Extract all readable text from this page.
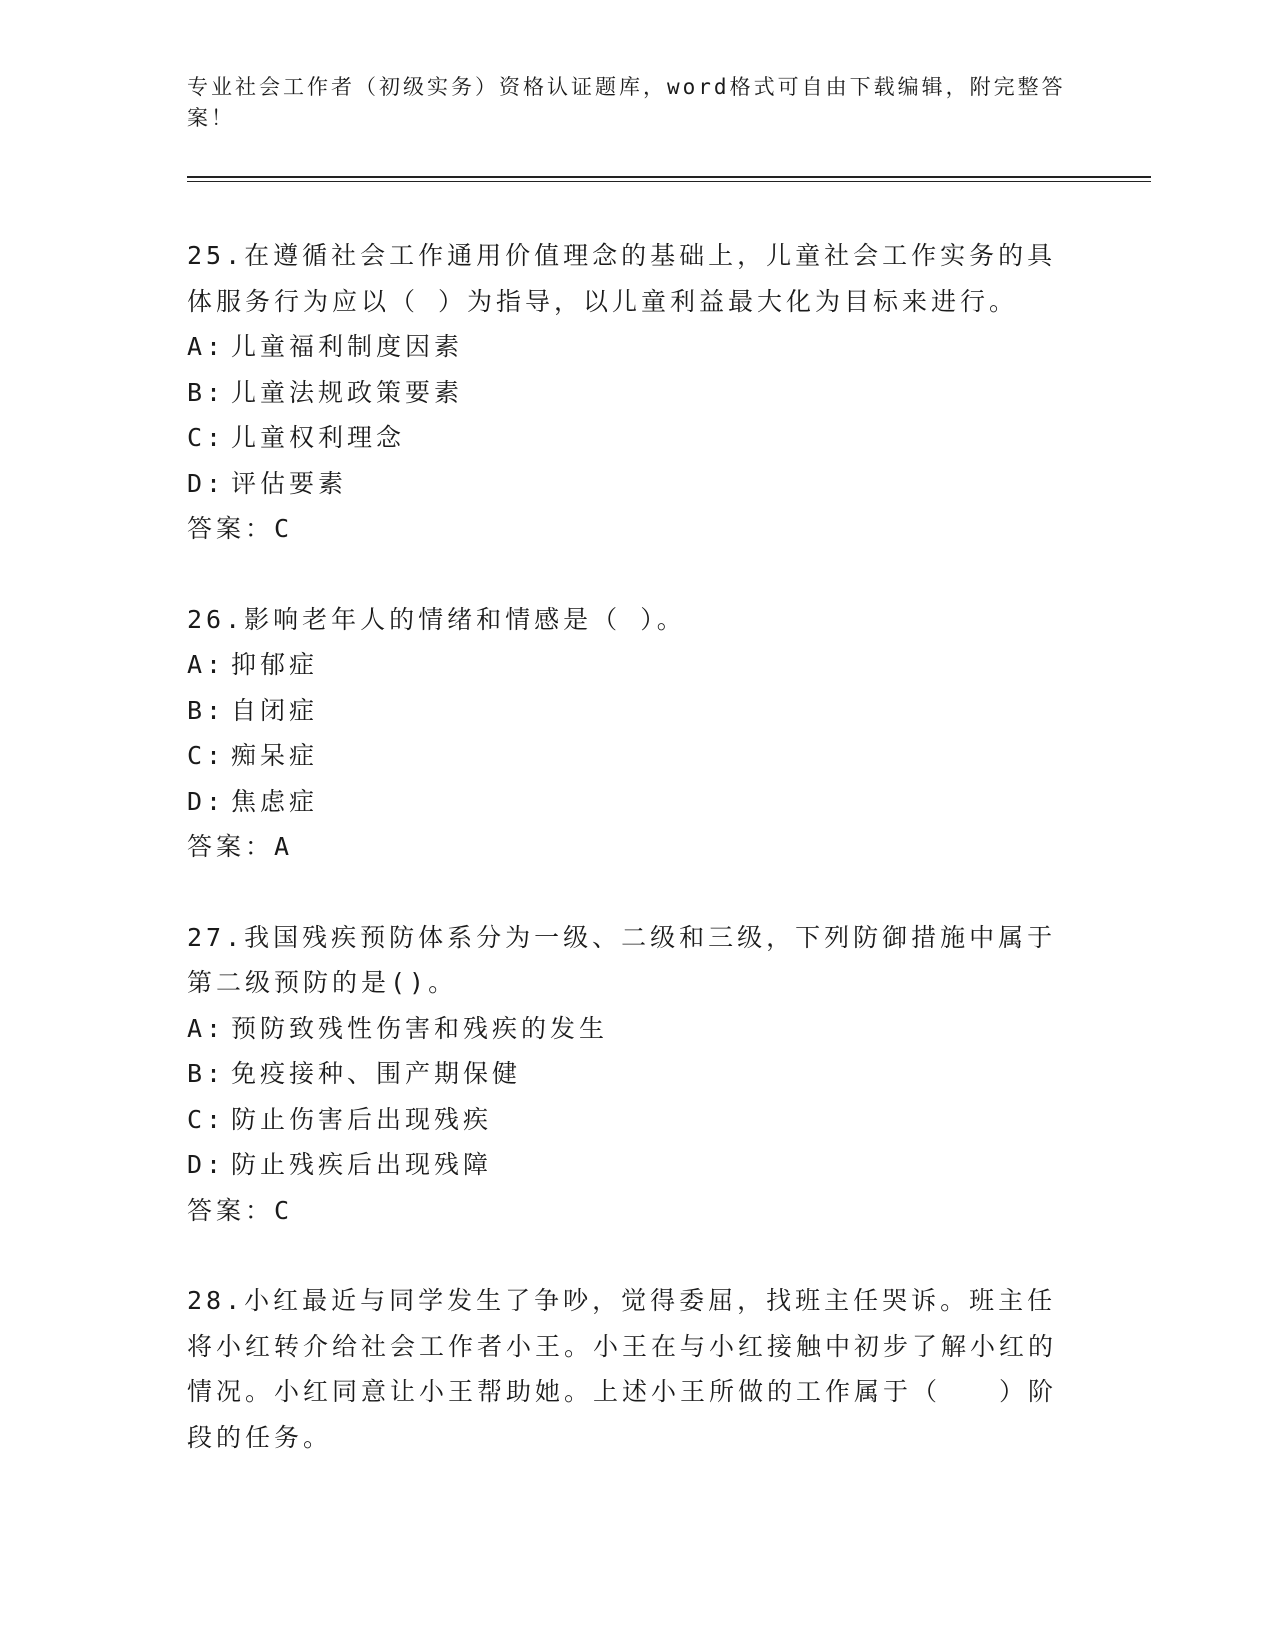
专业社会工作者（初级实务）资格认证题库，word格式可自由下载编辑，附完整答案！
25.在遵循社会工作通用价值理念的基础上，儿童社会工作实务的具体服务行为应以（ ）为指导，以儿童利益最大化为目标来进行。
A: 儿童福利制度因素
B: 儿童法规政策要素
C: 儿童权利理念
D: 评估要素
答案：C
26.影响老年人的情绪和情感是（ ）。
A: 抑郁症
B: 自闭症
C: 痴呆症
D: 焦虑症
答案：A
27.我国残疾预防体系分为一级、二级和三级，下列防御措施中属于第二级预防的是()。
A: 预防致残性伤害和残疾的发生
B: 免疫接种、围产期保健
C: 防止伤害后出现残疾
D: 防止残疾后出现残障
答案：C
28.小红最近与同学发生了争吵，觉得委屈，找班主任哭诉。班主任将小红转介给社会工作者小王。小王在与小红接触中初步了解小红的情况。小红同意让小王帮助她。上述小王所做的工作属于（　　）阶段的任务。
